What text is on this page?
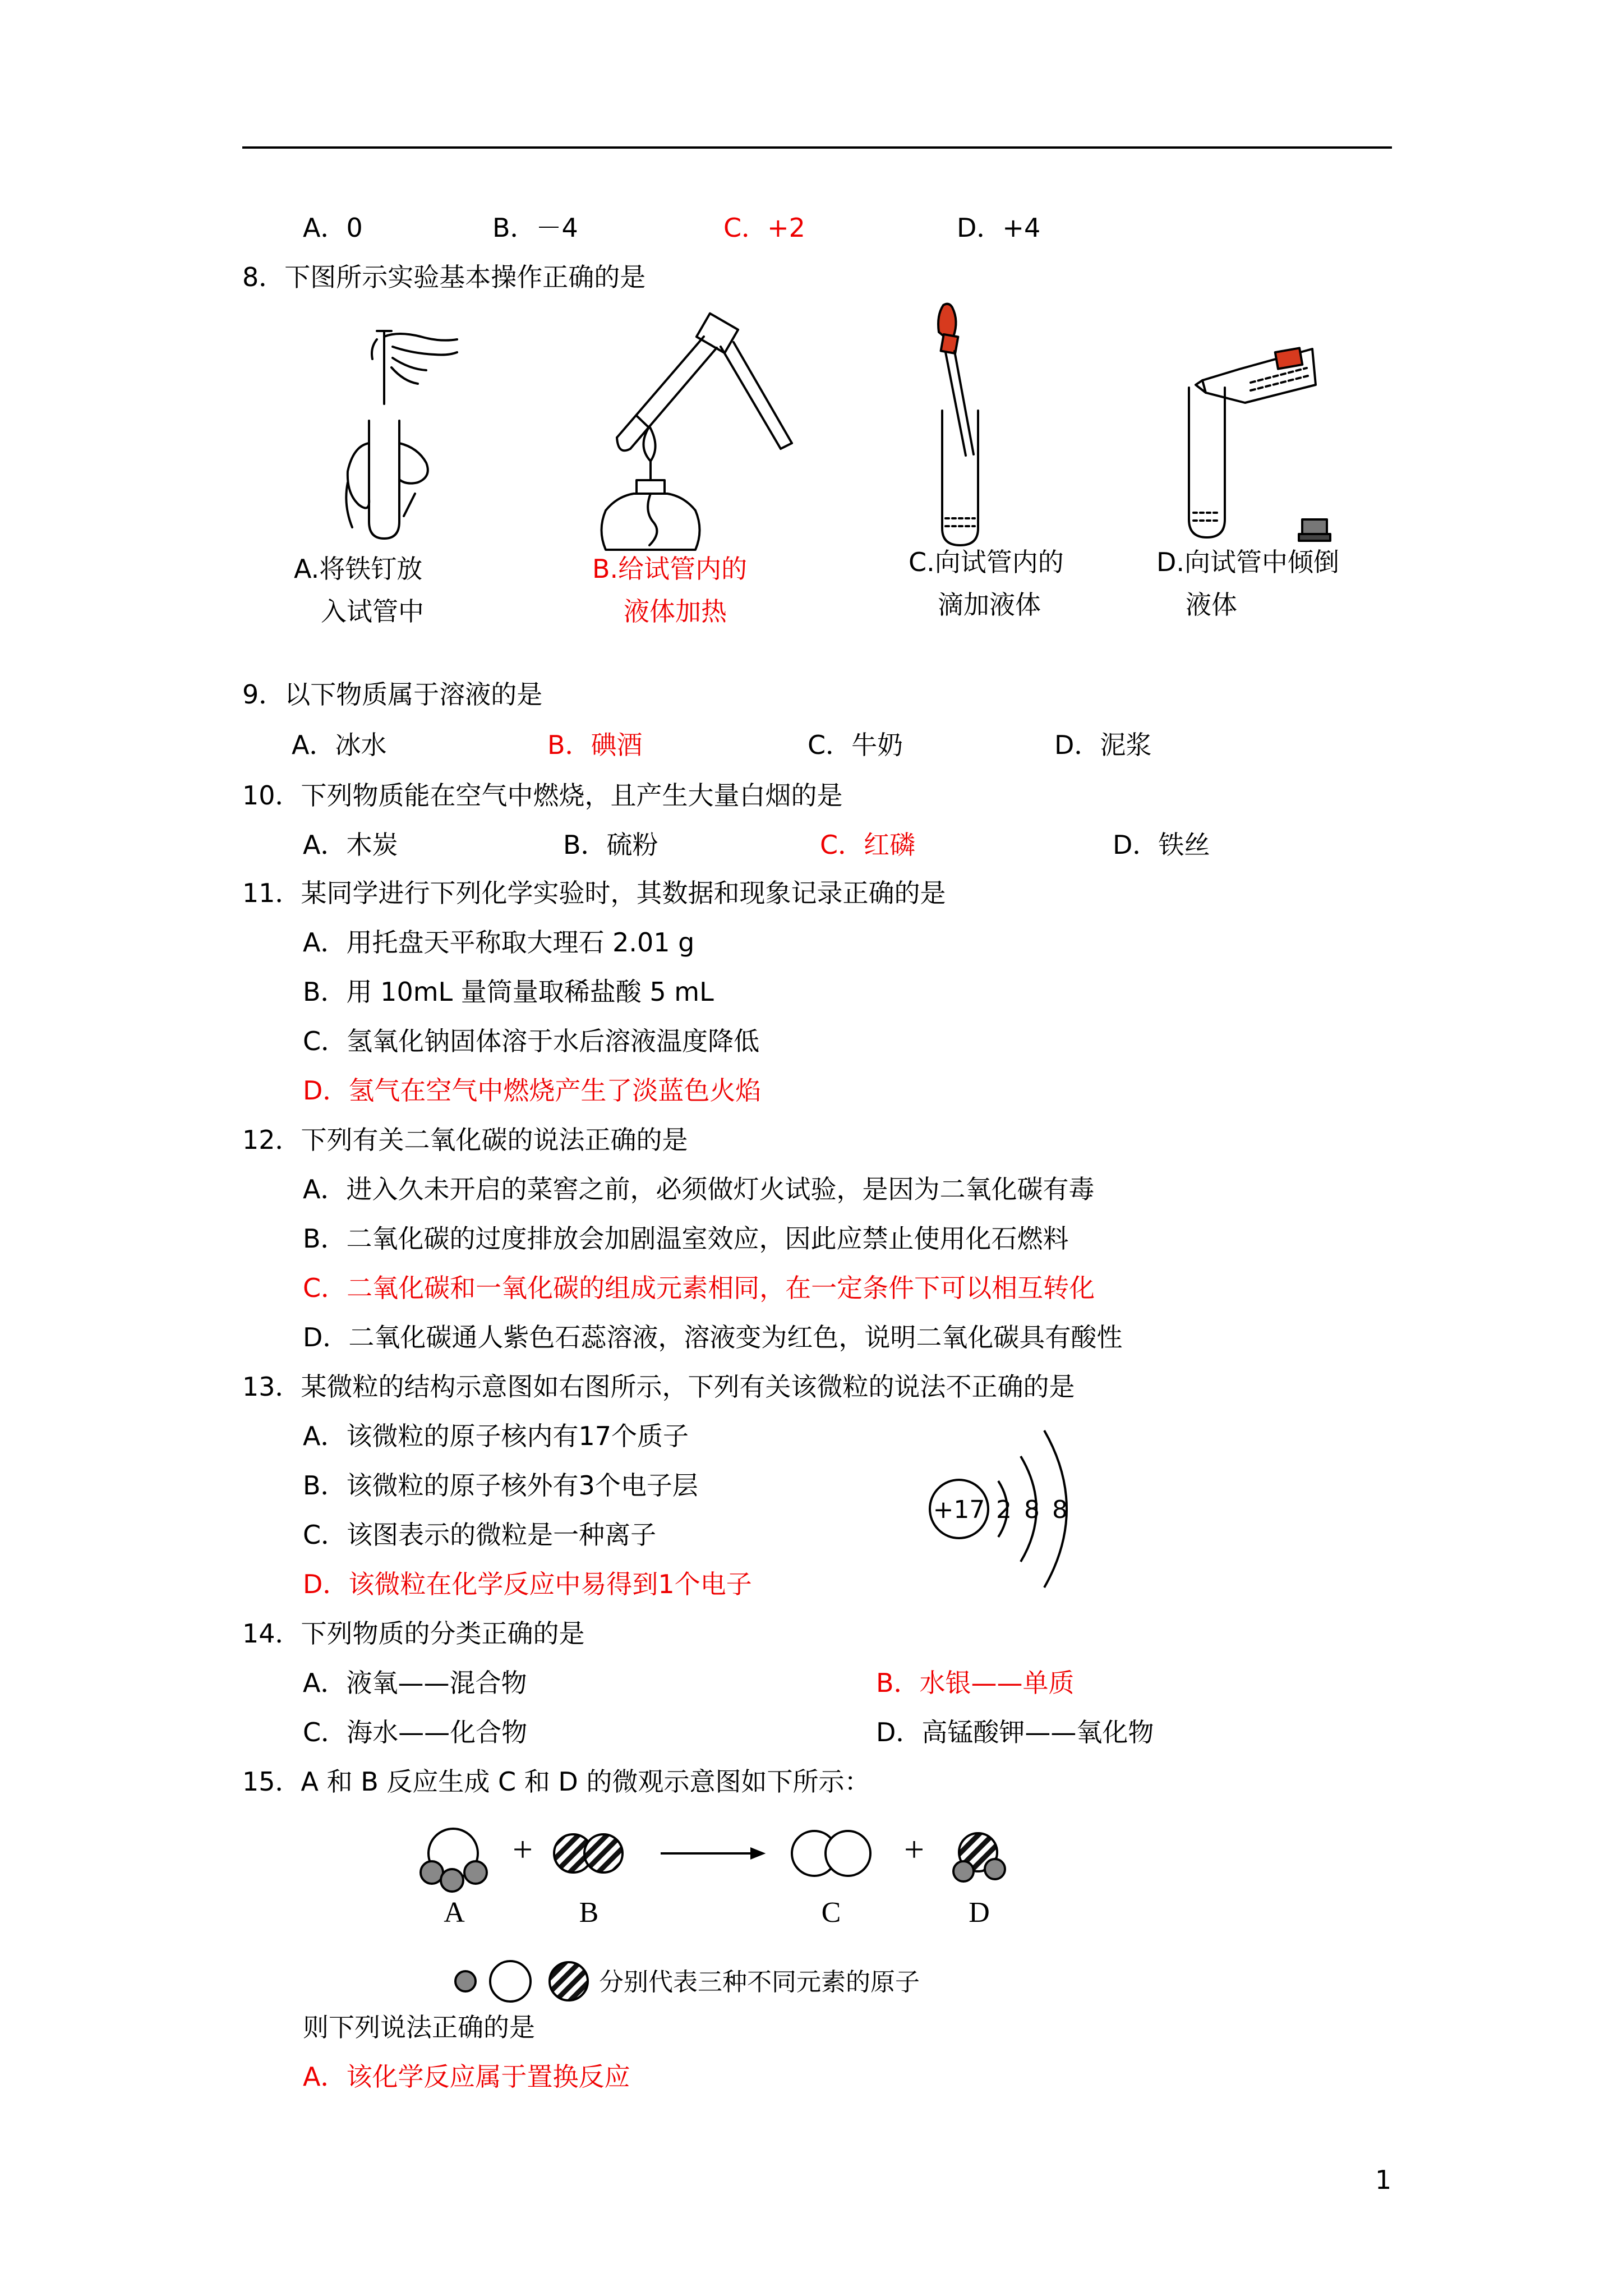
A．0	B．－4	C．+2	D．+4
8．下图所示实验基本操作正确的是
A.将铁钉放
入试管中
B.给试管内的
液体加热
C.向试管内的
滴加液体
D.向试管中倾倒
液体
9．以下物质属于溶液的是
A．冰水	B．碘酒	C．牛奶	D．泥浆
10．下列物质能在空气中燃烧，且产生大量白烟的是
A．木炭	B．硫粉	C．红磷	D．铁丝
11．某同学进行下列化学实验时，其数据和现象记录正确的是
A．用托盘天平称取大理石 2.01 g
B．用 10mL 量筒量取稀盐酸 5 mL
C．氢氧化钠固体溶于水后溶液温度降低
D．氢气在空气中燃烧产生了淡蓝色火焰
12．下列有关二氧化碳的说法正确的是
A．进入久未开启的菜窖之前，必须做灯火试验，是因为二氧化碳有毒
B．二氧化碳的过度排放会加剧温室效应，因此应禁止使用化石燃料
C．二氧化碳和一氧化碳的组成元素相同，在一定条件下可以相互转化
D．二氧化碳通人紫色石蕊溶液，溶液变为红色，说明二氧化碳具有酸性
13．某微粒的结构示意图如右图所示，下列有关该微粒的说法不正确的是
A．该微粒的原子核内有17个质子
B．该微粒的原子核外有3个电子层
C．该图表示的微粒是一种离子
D．该微粒在化学反应中易得到1个电子
+17 2 8 8
14．下列物质的分类正确的是
A．液氧——混合物	B．水银——单质
C．海水——化合物	D．高锰酸钾——氧化物
15．A 和 B 反应生成 C 和 D 的微观示意图如下所示：
+	+
A	B	C	D
分别代表三种不同元素的原子
则下列说法正确的是
A．该化学反应属于置换反应
1
